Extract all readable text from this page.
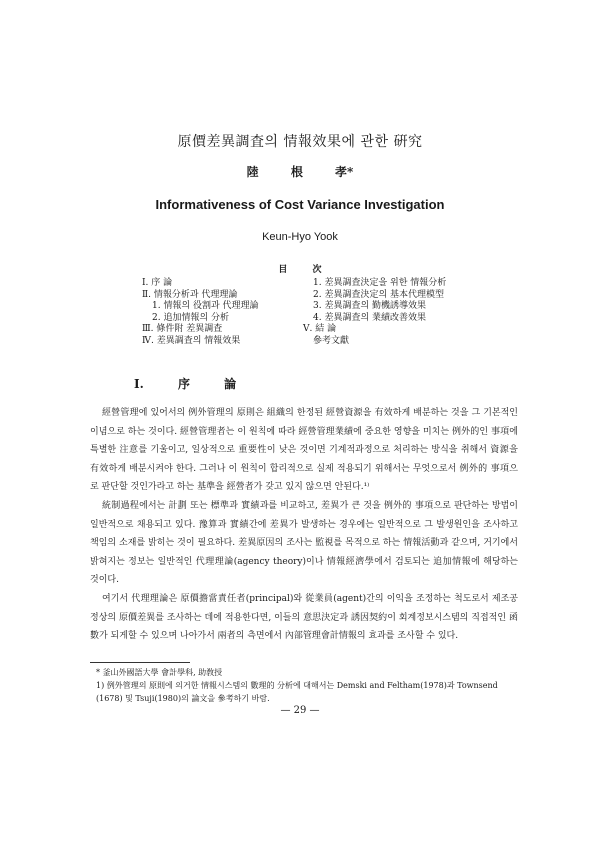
原價差異調査의 情報效果에 관한 硏究
陸 根 孝*
Informativeness of Cost Variance Investigation
Keun-Hyo Yook
目 次
Ⅰ. 序 論
Ⅱ. 情報分析과 代理理論
1. 情報의 役割과 代理理論
2. 追加情報의 分析
Ⅲ. 條件附 差異調査
Ⅳ. 差異調査의 情報效果
1. 差異調査決定을 위한 情報分析
2. 差異調査決定의 基本代理模型
3. 差異調査의 勤機誘導效果
4. 差異調査의 業績改善效果
Ⅴ. 結 論
參考文獻
Ⅰ. 序 論

經營管理에 있어서의 例外管理의 原則은 組織의 한정된 經營資源을 有效하게 배분하는 것을 그 기본적인 이념으로 하는 것이다. 經營管理者는 이 원칙에 따라 經營管理業績에 중요한 영향을 미치는 例外的인 事項에 특별한 注意를 기울이고, 일상적으로 重要性이 낮은 것이면 기계적과정으로 처리하는 방식을 취해서 資源을 有效하게 배분시켜야 한다. 그러나 이 원칙이 합리적으로 실제 적용되기 위해서는 무엇으로서 例外的 事項으로 판단할 것인가라고 하는 基準을 經營者가 갖고 있지 않으면 안된다.¹⁾

統制過程에서는 計劃 또는 標準과 實績과를 비교하고, 差異가 큰 것을 例外的 事項으로 판단하는 방법이 일반적으로 채용되고 있다. 豫算과 實績간에 差異가 발생하는 경우에는 일반적으로 그 발생원인을 조사하고 책임의 소재를 밝히는 것이 필요하다. 差異原因의 조사는 監視를 목적으로 하는 情報活動과 같으며, 거기에서 밝혀지는 정보는 일반적인 代理理論(agency theory)이나 情報經濟學에서 검토되는 追加情報에 해당하는 것이다.

여기서 代理理論은 原價擔當責任者(principal)와 從業員(agent)간의 이익을 조정하는 척도로서 제조공정상의 原價差異를 조사하는 데에 적용한다면, 이들의 意思決定과 誘因契約이 회계정보시스템의 직접적인 函數가 되게할 수 있으며 나아가서 兩者의 측면에서 內部管理會計情報의 효과를 조사할 수 있다.

* 釜山外國語大學 會計學科, 助敎授
1) 例外管理의 原則에 의거한 情報시스템의 數理的 分析에 대해서는 Demski and Feltham(1978)과 Townsend (1678) 및 Tsuji(1980)의 論文을 參考하기 바람.
— 29 —
